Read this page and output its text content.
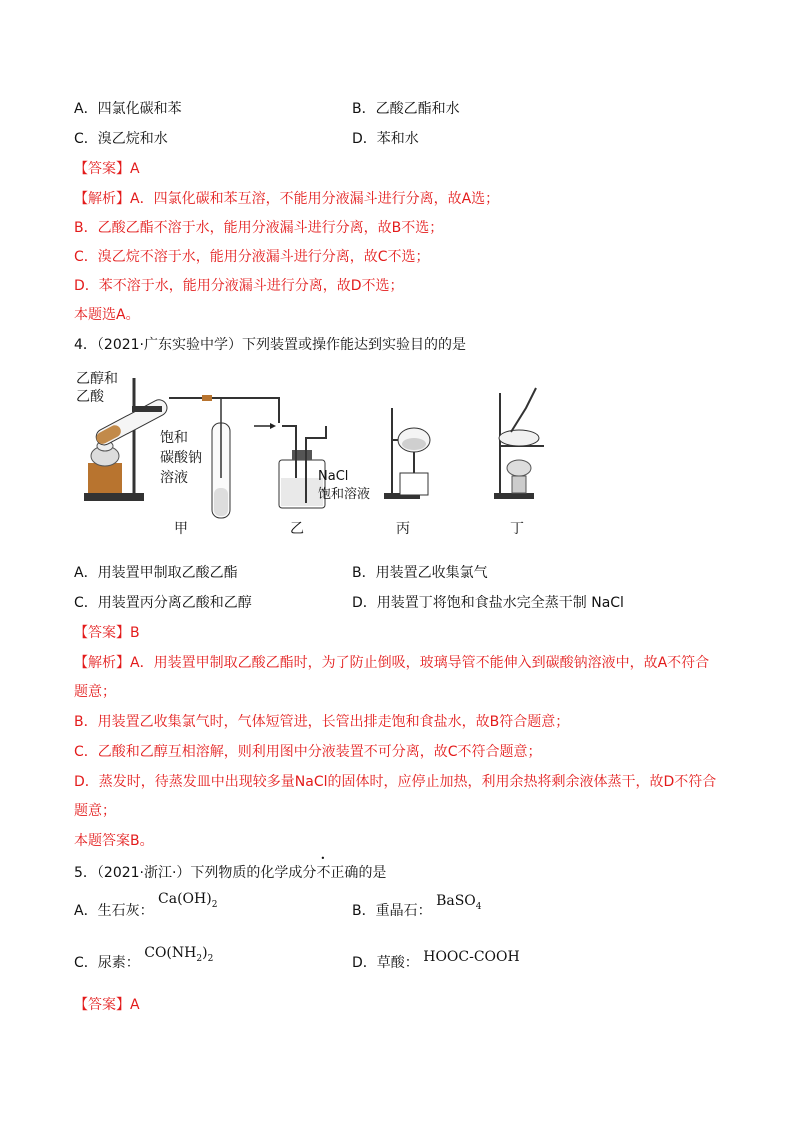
A．四氯化碳和苯	B．乙酸乙酯和水
C．溴乙烷和水	D．苯和水
【答案】A
【解析】A．四氯化碳和苯互溶，不能用分液漏斗进行分离，故A选；
B．乙酸乙酯不溶于水，能用分液漏斗进行分离，故B不选；
C．溴乙烷不溶于水，能用分液漏斗进行分离，故C不选；
D．苯不溶于水，能用分液漏斗进行分离，故D不选；
本题选A。
4．（2021·广东实验中学）下列装置或操作能达到实验目的的是
乙醇和
乙酸
饱和
碳酸钠
溶液	NaCl
饱和溶液
甲	乙	丙	丁
A．用装置甲制取乙酸乙酯	B．用装置乙收集氯气
C．用装置丙分离乙酸和乙醇	D．用装置丁将饱和食盐水完全蒸干制 NaCl
【答案】B
【解析】A．用装置甲制取乙酸乙酯时，为了防止倒吸，玻璃导管不能伸入到碳酸钠溶液中，故A不符合
题意；
B．用装置乙收集氯气时，气体短管进，长管出排走饱和食盐水，故B符合题意；
C．乙酸和乙醇互相溶解，则利用图中分液装置不可分离，故C不符合题意；
D．蒸发时，待蒸发皿中出现较多量NaCl的固体时，应停止加热，利用余热将剩余液体蒸干，故D不符合
题意；
本题答案B。
5．（2021·浙江·）下列物质的化学成分不正确的是
A．生石灰： $Ca(OH)_2$	B．重晶石： BaSO$_4$
C．尿素： $CO(NH_2)_2$	D．草酸： HOOC-COOH
【答案】A
